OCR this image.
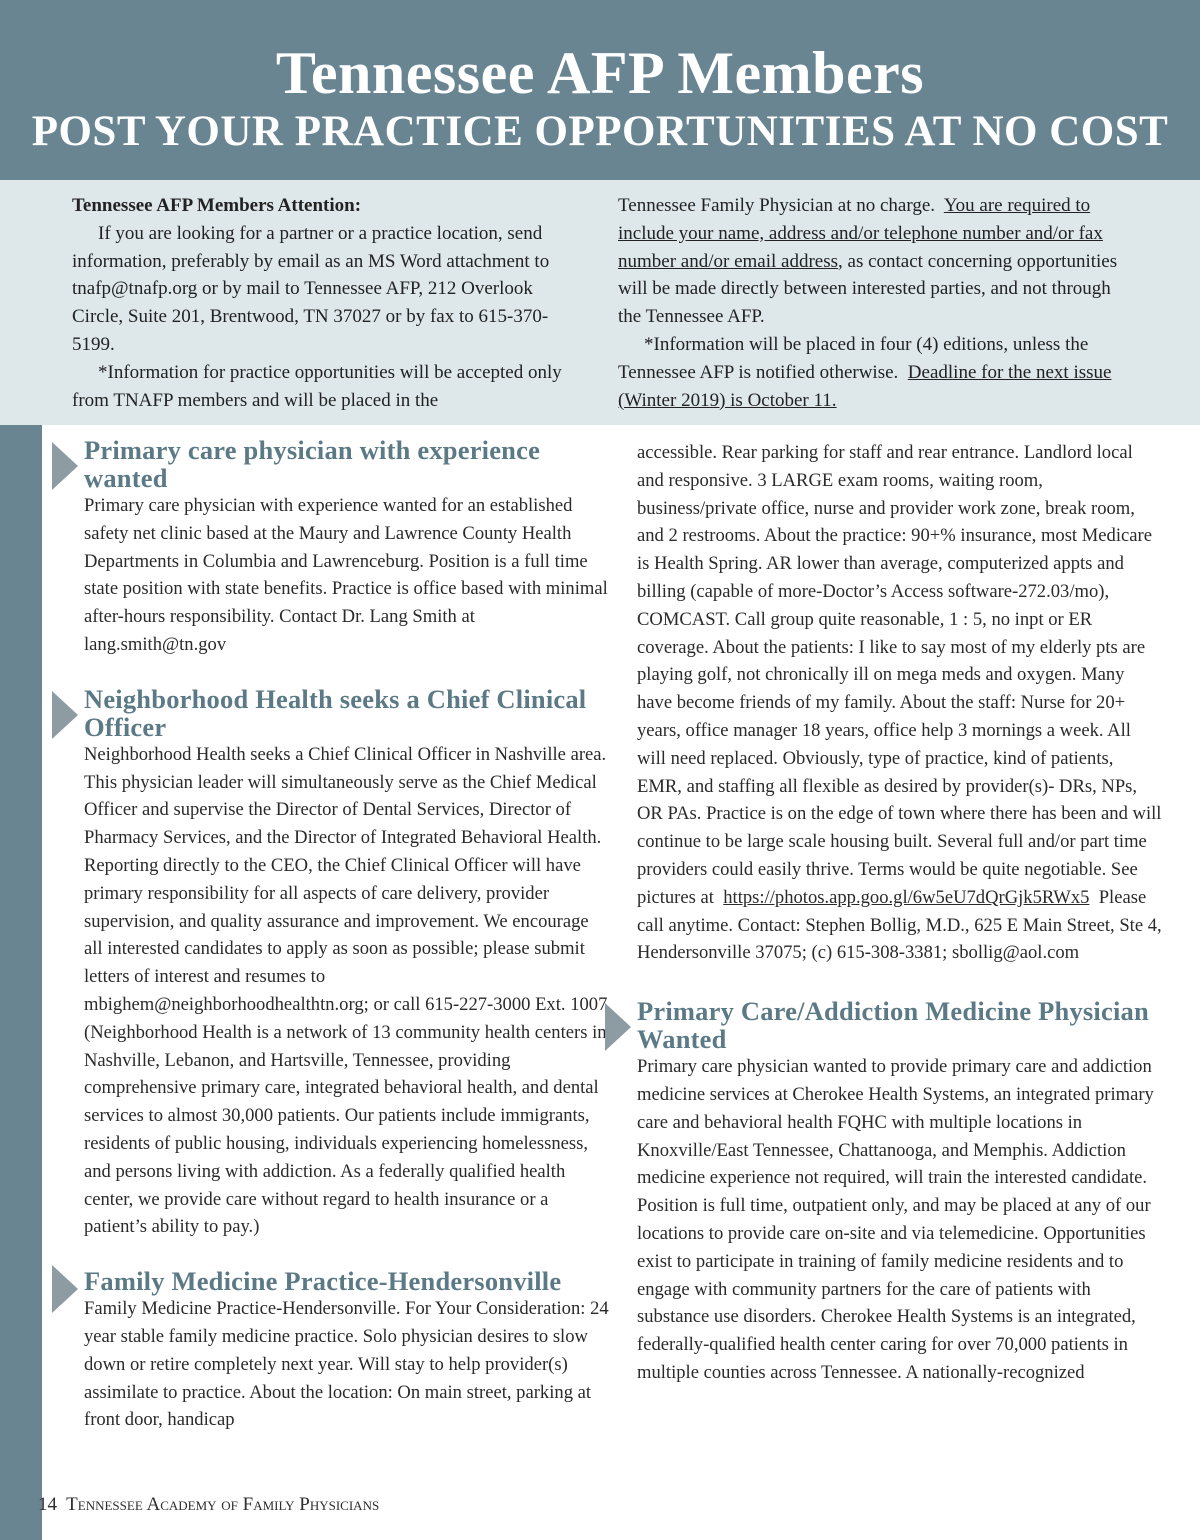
Tennessee AFP Members
POST YOUR PRACTICE OPPORTUNITIES AT NO COST

Tennessee AFP Members Attention:

If you are looking for a partner or a practice location, send information, preferably by email as an MS Word attachment to tnafp@tnafp.org or by mail to Tennessee AFP, 212 Overlook Circle, Suite 201, Brentwood, TN 37027 or by fax to 615-370-5199.

*Information for practice opportunities will be accepted only from TNAFP members and will be placed in the

Tennessee Family Physician at no charge. You are required to include your name, address and/or telephone number and/or fax number and/or email address, as contact concerning opportunities will be made directly between interested parties, and not through the Tennessee AFP.

*Information will be placed in four (4) editions, unless the Tennessee AFP is notified otherwise. Deadline for the next issue (Winter 2019) is October 11.

Primary care physician with experience wanted

Primary care physician with experience wanted for an established safety net clinic based at the Maury and Lawrence County Health Departments in Columbia and Lawrenceburg. Position is a full time state position with state benefits. Practice is office based with minimal after-hours responsibility. Contact Dr. Lang Smith at lang.smith@tn.gov

Neighborhood Health seeks a Chief Clinical Officer

Neighborhood Health seeks a Chief Clinical Officer in Nashville area. This physician leader will simultaneously serve as the Chief Medical Officer and supervise the Director of Dental Services, Director of Pharmacy Services, and the Director of Integrated Behavioral Health. Reporting directly to the CEO, the Chief Clinical Officer will have primary responsibility for all aspects of care delivery, provider supervision, and quality assurance and improvement. We encourage all interested candidates to apply as soon as possible; please submit letters of interest and resumes to mbighem@neighborhoodhealthtn.org; or call 615-227-3000 Ext. 1007 (Neighborhood Health is a network of 13 community health centers in Nashville, Lebanon, and Hartsville, Tennessee, providing comprehensive primary care, integrated behavioral health, and dental services to almost 30,000 patients. Our patients include immigrants, residents of public housing, individuals experiencing homelessness, and persons living with addiction. As a federally qualified health center, we provide care without regard to health insurance or a patient’s ability to pay.)

Family Medicine Practice-Hendersonville

Family Medicine Practice-Hendersonville. For Your Consideration: 24 year stable family medicine practice. Solo physician desires to slow down or retire completely next year. Will stay to help provider(s) assimilate to practice. About the location: On main street, parking at front door, handicap

accessible. Rear parking for staff and rear entrance. Landlord local and responsive. 3 LARGE exam rooms, waiting room, business/private office, nurse and provider work zone, break room, and 2 restrooms. About the practice: 90+% insurance, most Medicare is Health Spring. AR lower than average, computerized appts and billing (capable of more-Doctor’s Access software-272.03/mo), COMCAST. Call group quite reasonable, 1 : 5, no inpt or ER coverage. About the patients: I like to say most of my elderly pts are playing golf, not chronically ill on mega meds and oxygen. Many have become friends of my family. About the staff: Nurse for 20+ years, office manager 18 years, office help 3 mornings a week. All will need replaced. Obviously, type of practice, kind of patients, EMR, and staffing all flexible as desired by provider(s)- DRs, NPs, OR PAs. Practice is on the edge of town where there has been and will continue to be large scale housing built. Several full and/or part time providers could easily thrive. Terms would be quite negotiable. See pictures at https://photos.app.goo.gl/6w5eU7dQrGjk5RWx5 Please call anytime. Contact: Stephen Bollig, M.D., 625 E Main Street, Ste 4, Hendersonville 37075; (c) 615-308-3381; sbollig@aol.com

Primary Care/Addiction Medicine Physician Wanted

Primary care physician wanted to provide primary care and addiction medicine services at Cherokee Health Systems, an integrated primary care and behavioral health FQHC with multiple locations in Knoxville/East Tennessee, Chattanooga, and Memphis. Addiction medicine experience not required, will train the interested candidate. Position is full time, outpatient only, and may be placed at any of our locations to provide care on-site and via telemedicine. Opportunities exist to participate in training of family medicine residents and to engage with community partners for the care of patients with substance use disorders. Cherokee Health Systems is an integrated, federally-qualified health center caring for over 70,000 patients in multiple counties across Tennessee. A nationally-recognized

14 Tennessee Academy of Family Physicians
